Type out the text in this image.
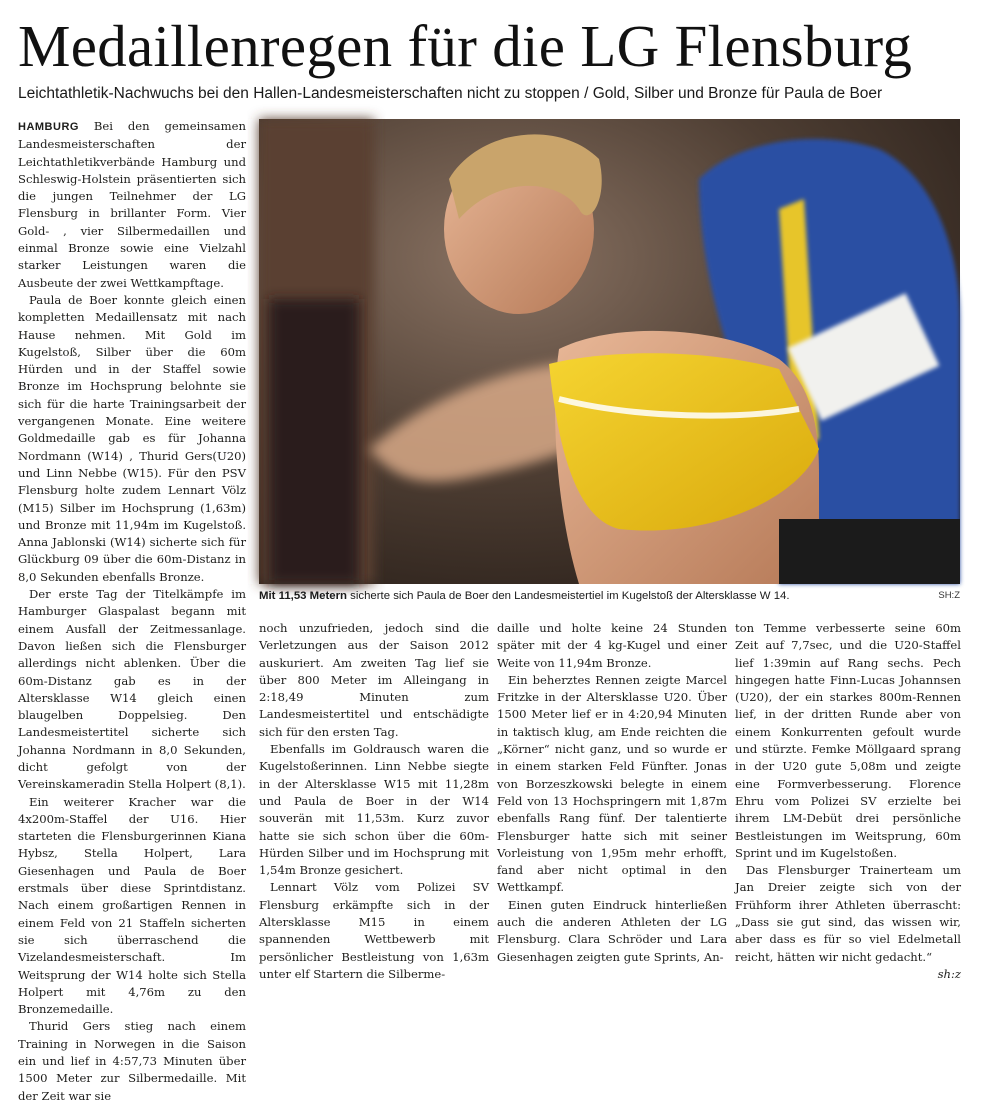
Medaillenregen für die LG Flensburg
Leichtathletik-Nachwuchs bei den Hallen-Landesmeisterschaften nicht zu stoppen / Gold, Silber und Bronze für Paula de Boer

HAMBURG Bei den gemeinsamen Landesmeisterschaften der Leichtathletikverbände Hamburg und Schleswig-Holstein präsentierten sich die jungen Teilnehmer der LG Flensburg in brillanter Form. Vier Gold- , vier Silbermedaillen und einmal Bronze sowie eine Vielzahl starker Leistungen waren die Ausbeute der zwei Wettkampftage.

Paula de Boer konnte gleich einen kompletten Medaillensatz mit nach Hause nehmen. Mit Gold im Kugelstoß, Silber über die 60m Hürden und in der Staffel sowie Bronze im Hochsprung belohnte sie sich für die harte Trainingsarbeit der vergangenen Monate. Eine weitere Goldmedaille gab es für Johanna Nordmann (W14) , Thurid Gers(U20) und Linn Nebbe (W15). Für den PSV Flensburg holte zudem Lennart Völz (M15) Silber im Hochsprung (1,63m) und Bronze mit 11,94m im Kugelstoß. Anna Jablonski (W14) sicherte sich für Glückburg 09 über die 60m-Distanz in 8,0 Sekunden ebenfalls Bronze.

Der erste Tag der Titelkämpfe im Hamburger Glaspalast begann mit einem Ausfall der Zeitmessanlage. Davon ließen sich die Flensburger allerdings nicht ablenken. Über die 60m-Distanz gab es in der Altersklasse W14 gleich einen blaugelben Doppelsieg. Den Landesmeistertitel sicherte sich Johanna Nordmann in 8,0 Sekunden, dicht gefolgt von der Vereinskameradin Stella Holpert (8,1).

Ein weiterer Kracher war die 4x200m-Staffel der U16. Hier starteten die Flensburgerinnen Kiana Hybsz, Stella Holpert, Lara Giesenhagen und Paula de Boer erstmals über diese Sprintdistanz. Nach einem großartigen Rennen in einem Feld von 21 Staffeln sicherten sie sich überraschend die Vizelandesmeisterschaft. Im Weitsprung der W14 holte sich Stella Holpert mit 4,76m zu den Bronzemedaille.

Thurid Gers stieg nach einem Training in Norwegen in die Saison ein und lief in 4:57,73 Minuten über 1500 Meter zur Silbermedaille. Mit der Zeit war sie

Mit 11,53 Metern sicherte sich Paula de Boer den Landesmeistertiel im Kugelstoß der Altersklasse W 14.	SH:Z

noch unzufrieden, jedoch sind die Verletzungen aus der Saison 2012 auskuriert. Am zweiten Tag lief sie über 800 Meter im Alleingang in 2:18,49 Minuten zum Landesmeistertitel und entschädigte sich für den ersten Tag.

Ebenfalls im Goldrausch waren die Kugelstoßerinnen. Linn Nebbe siegte in der Altersklasse W15 mit 11,28m und Paula de Boer in der W14 souverän mit 11,53m. Kurz zuvor hatte sie sich schon über die 60m-Hürden Silber und im Hochsprung mit 1,54m Bronze gesichert.

Lennart Völz vom Polizei SV Flensburg erkämpfte sich in der Altersklasse M15 in einem spannenden Wettbewerb mit persönlicher Bestleistung von 1,63m unter elf Startern die Silberme-

daille und holte keine 24 Stunden später mit der 4 kg-Kugel und einer Weite von 11,94m Bronze.

Ein beherztes Rennen zeigte Marcel Fritzke in der Altersklasse U20. Über 1500 Meter lief er in 4:20,94 Minuten in taktisch klug, am Ende reichten die „Körner“ nicht ganz, und so wurde er in einem starken Feld Fünfter. Jonas von Borzeszkowski belegte in einem Feld von 13 Hochspringern mit 1,87m ebenfalls Rang fünf. Der talentierte Flensburger hatte sich mit seiner Vorleistung von 1,95m mehr erhofft, fand aber nicht optimal in den Wettkampf.

Einen guten Eindruck hinterließen auch die anderen Athleten der LG Flensburg. Clara Schröder und Lara Giesenhagen zeigten gute Sprints, An-

ton Temme verbesserte seine 60m Zeit auf 7,7sec, und die U20-Staffel lief 1:39min auf Rang sechs. Pech hingegen hatte Finn-Lucas Johannsen (U20), der ein starkes 800m-Rennen lief, in der dritten Runde aber von einem Konkurrenten gefoult wurde und stürzte. Femke Möllgaard sprang in der U20 gute 5,08m und zeigte eine Formverbesserung. Florence Ehru vom Polizei SV erzielte bei ihrem LM-Debüt drei persönliche Bestleistungen im Weitsprung, 60m Sprint und im Kugelstoßen.

Das Flensburger Trainerteam um Jan Dreier zeigte sich von der Frühform ihrer Athleten überrascht: „Dass sie gut sind, das wissen wir, aber dass es für so viel Edelmetall reicht, hätten wir nicht gedacht.“
sh:z
